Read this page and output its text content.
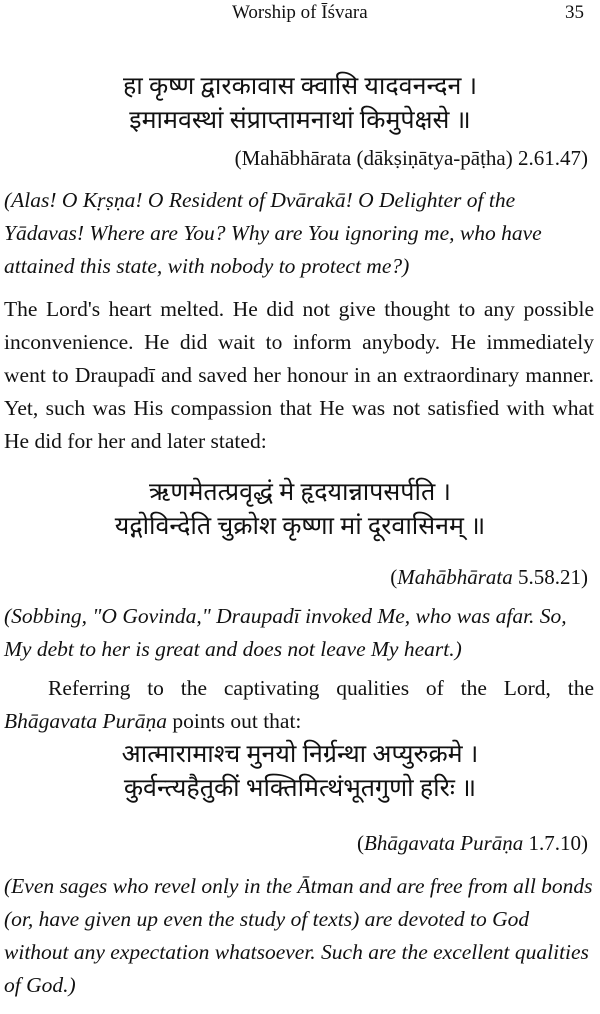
Worship of Īśvara	35
हा कृष्ण द्वारकावास क्वासि यादवनन्दन ।
इमामवस्थां संप्राप्तामनाथां किमुपेक्षसे ॥
(Mahābhārata (dākṣiṇātya-pāṭha) 2.61.47)
(Alas! O Kṛṣṇa! O Resident of Dvārakā! O Delighter of the Yādavas! Where are You? Why are You ignoring me, who have attained this state, with nobody to protect me?)
The Lord's heart melted. He did not give thought to any possible inconvenience. He did wait to inform anybody. He immediately went to Draupadī and saved her honour in an extraordinary manner. Yet, such was His compassion that He was not satisfied with what He did for her and later stated:
ऋणमेतत्प्रवृद्धं मे हृदयान्नापसर्पति ।
यद्गोविन्देति चुक्रोश कृष्णा मां दूरवासिनम् ॥
(Mahābhārata 5.58.21)
(Sobbing, "O Govinda," Draupadī invoked Me, who was afar. So, My debt to her is great and does not leave My heart.)
Referring to the captivating qualities of the Lord, the Bhāgavata Purāṇa points out that:
आत्मारामाश्च मुनयो निर्ग्रन्था अप्युरुक्रमे ।
कुर्वन्त्यहैतुकीं भक्तिमित्थंभूतगुणो हरिः ॥
(Bhāgavata Purāṇa 1.7.10)
(Even sages who revel only in the Ātman and are free from all bonds (or, have given up even the study of texts) are devoted to God without any expectation whatsoever. Such are the excellent qualities of God.)
